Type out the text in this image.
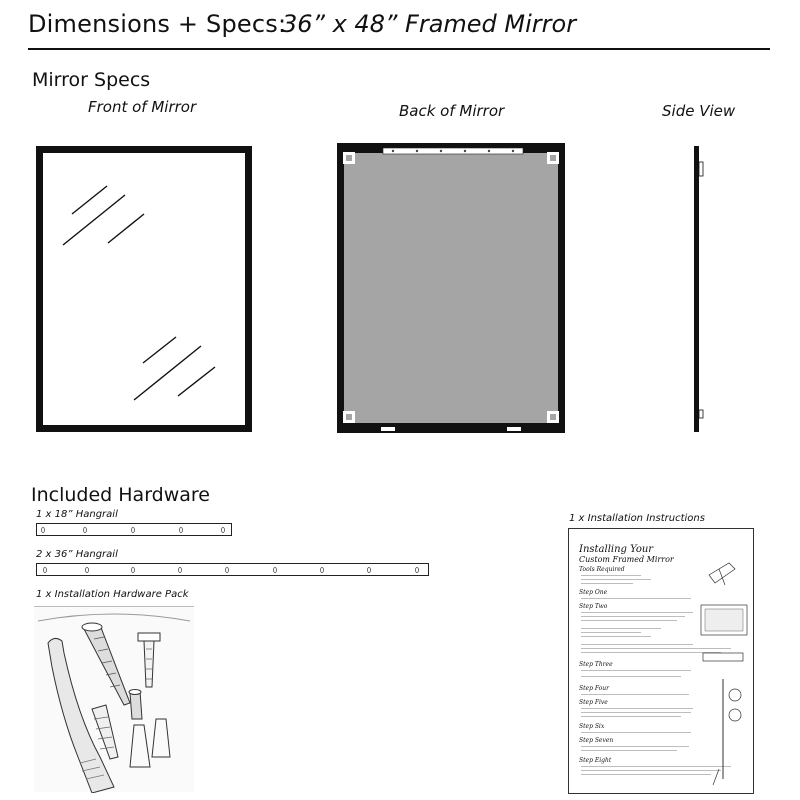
Dimensions + Specs:
36” x 48” Framed Mirror
Mirror Specs
Front of Mirror	Back of Mirror	Side View
Included Hardware
1 x 18” Hangrail
2 x 36” Hangrail
1 x Installation Hardware Pack
1 x Installation Instructions
Installing Your
Custom Framed Mirror
Tools Required
Step One
Step Two
Step Three
Step Four
Step Five
Step Six
Step Seven
Step Eight
